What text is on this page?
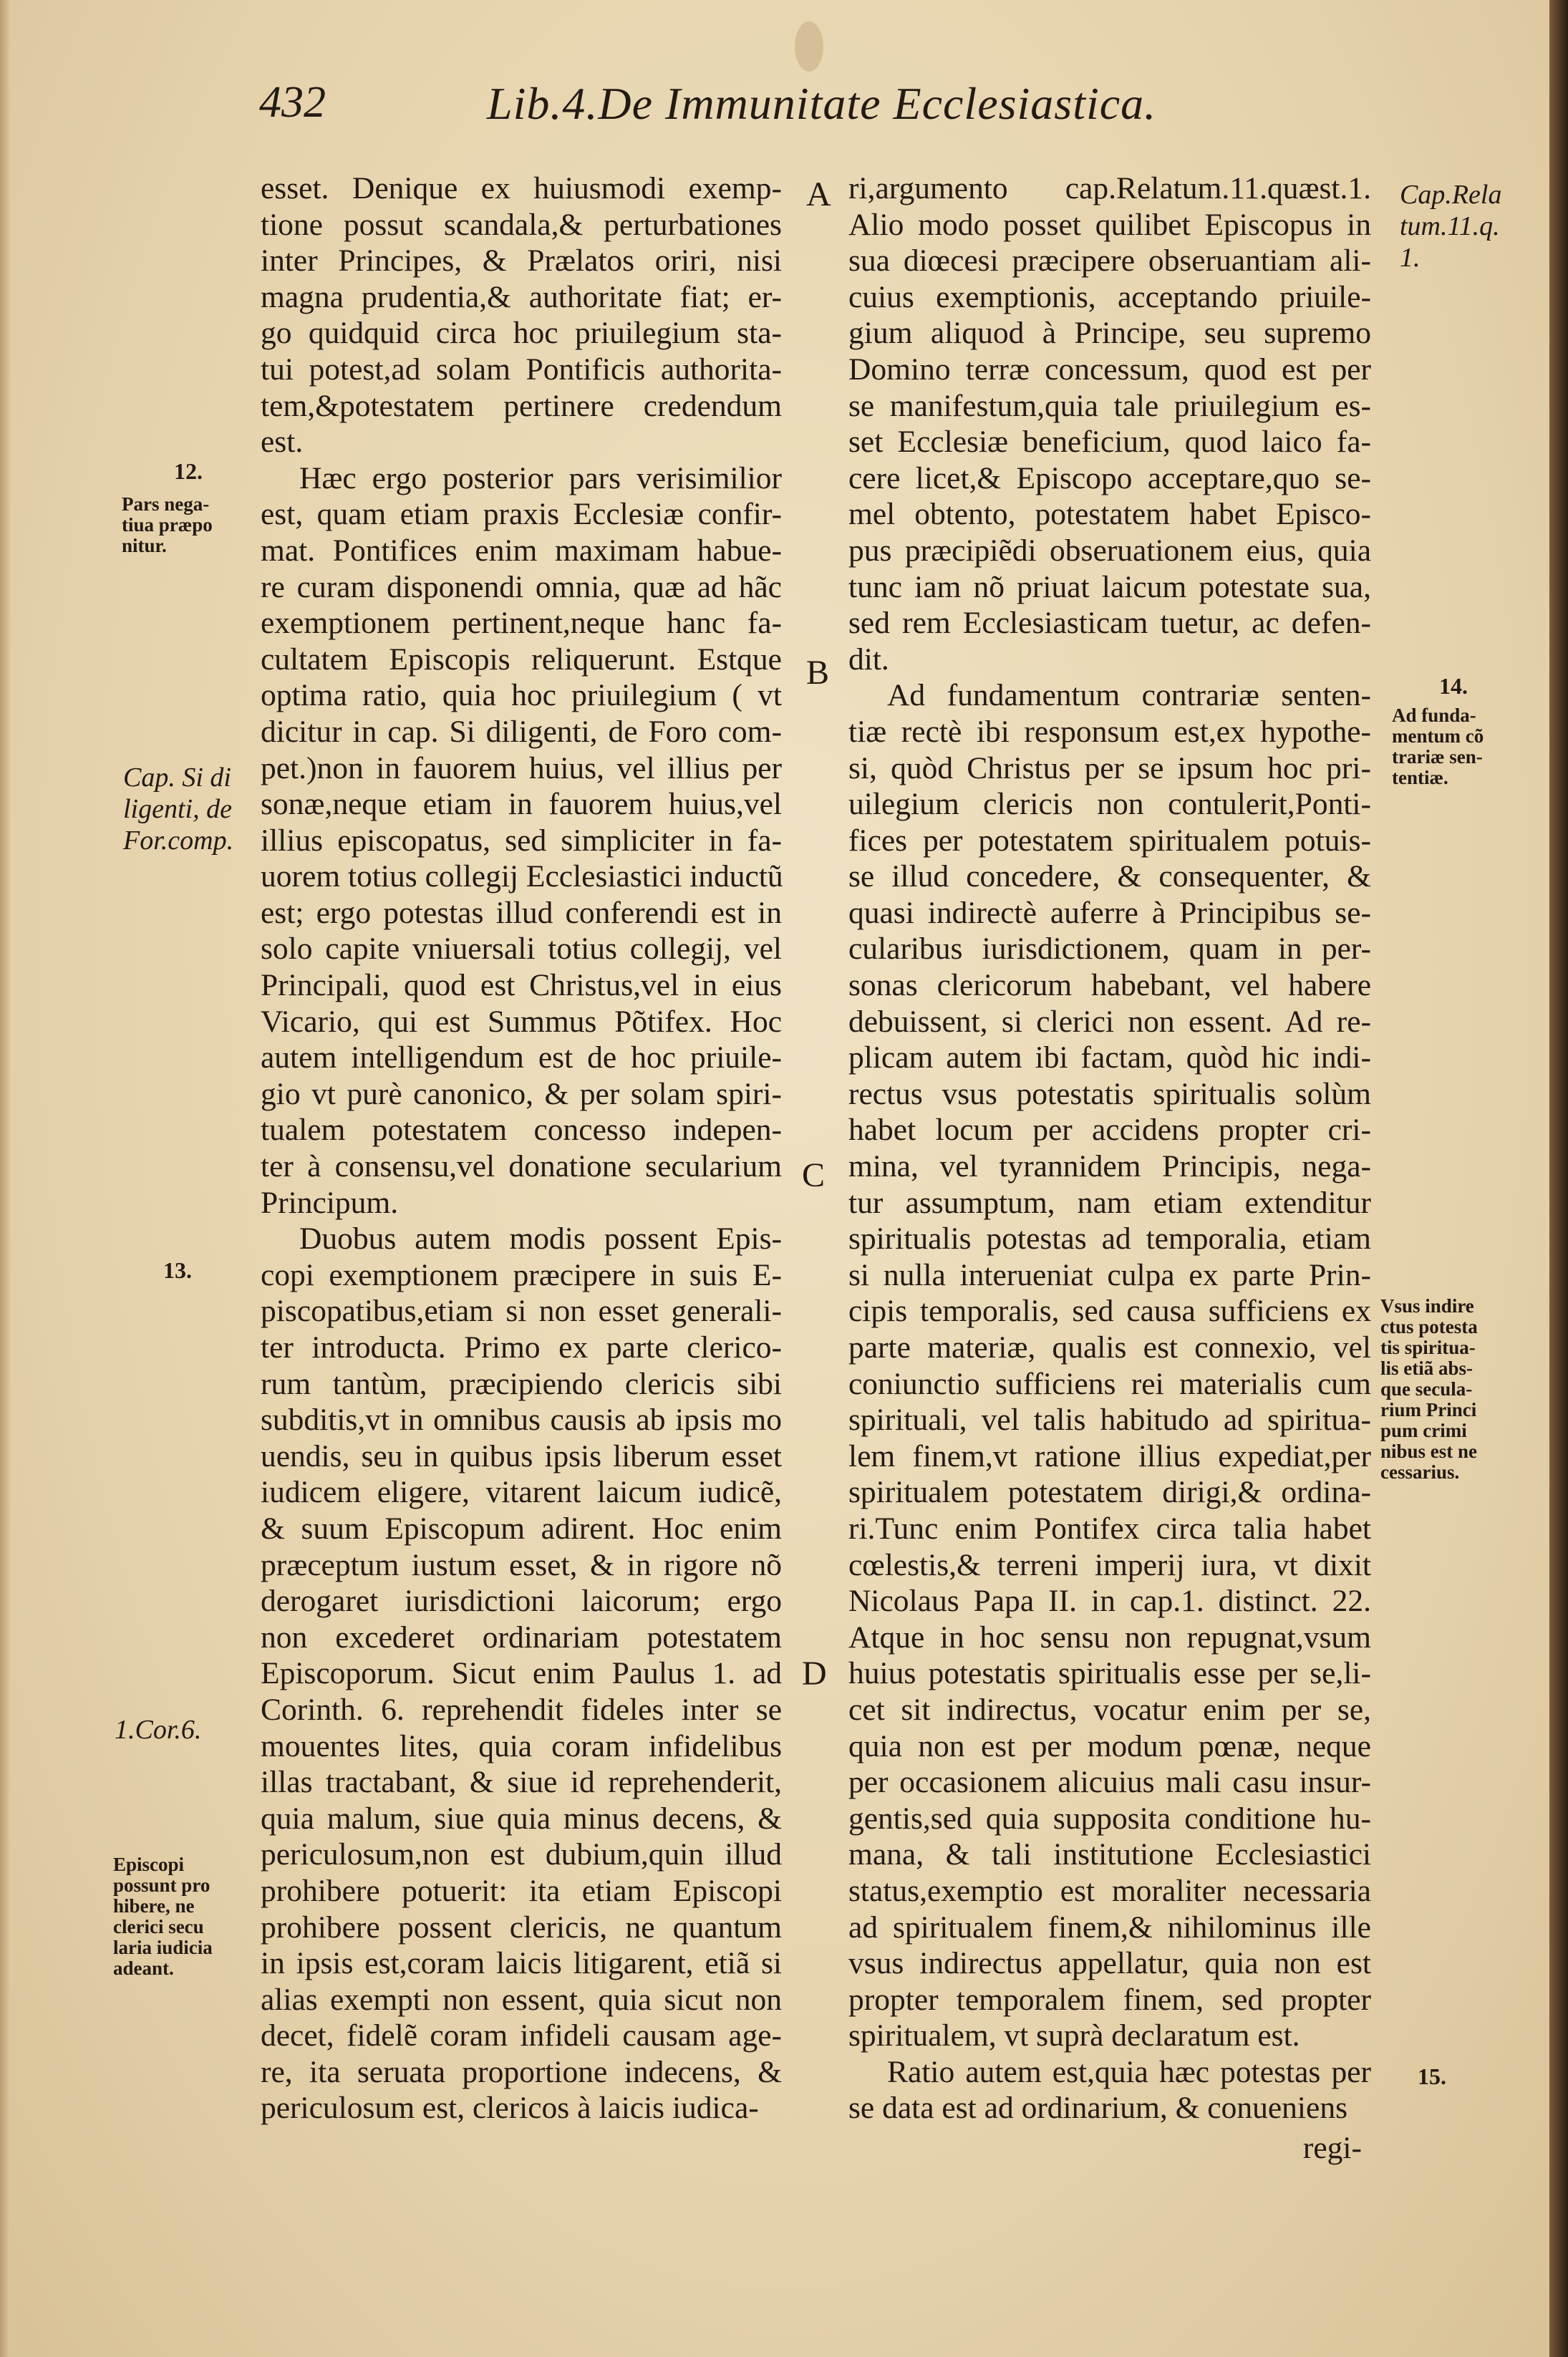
432	Lib.4.De Immunitate Ecclesiastica.
esset. Denique ex huiusmodi exemp-
tione possut scandala,& perturbationes
inter Principes, & Prælatos oriri, nisi
magna prudentia,& authoritate fiat; er-
go quidquid circa hoc priuilegium sta-
tui potest,ad solam Pontificis authorita-
tem,&potestatem pertinere credendum
est.
Hæc ergo posterior pars verisimilior
est, quam etiam praxis Ecclesiæ confir-
mat. Pontifices enim maximam habue-
re curam disponendi omnia, quæ ad hãc
exemptionem pertinent,neque hanc fa-
cultatem Episcopis reliquerunt. Estque
optima ratio, quia hoc priuilegium ( vt
dicitur in cap. Si diligenti, de Foro com-
pet.)non in fauorem huius, vel illius per
sonæ,neque etiam in fauorem huius,vel
illius episcopatus, sed simpliciter in fa-
uorem totius collegij Ecclesiastici inductũ
est; ergo potestas illud conferendi est in
solo capite vniuersali totius collegij, vel
Principali, quod est Christus,vel in eius
Vicario, qui est Summus Põtifex. Hoc
autem intelligendum est de hoc priuile-
gio vt purè canonico, & per solam spiri-
tualem potestatem concesso indepen-
ter à consensu,vel donatione secularium
Principum.
Duobus autem modis possent Epis-
copi exemptionem præcipere in suis E-
piscopatibus,etiam si non esset generali-
ter introducta. Primo ex parte clerico-
rum tantùm, præcipiendo clericis sibi
subditis,vt in omnibus causis ab ipsis mo
uendis, seu in quibus ipsis liberum esset
iudicem eligere, vitarent laicum iudicẽ,
& suum Episcopum adirent. Hoc enim
præceptum iustum esset, & in rigore nõ
derogaret iurisdictioni laicorum; ergo
non excederet ordinariam potestatem
Episcoporum. Sicut enim Paulus 1. ad
Corinth. 6. reprehendit fideles inter se
mouentes lites, quia coram infidelibus
illas tractabant, & siue id reprehenderit,
quia malum, siue quia minus decens, &
periculosum,non est dubium,quin illud
prohibere potuerit: ita etiam Episcopi
prohibere possent clericis, ne quantum
in ipsis est,coram laicis litigarent, etiã si
alias exempti non essent, quia sicut non
decet, fidelẽ coram infideli causam age-
re, ita seruata proportione indecens, &
periculosum est, clericos à laicis iudica-
ri,argumento cap.Relatum.11.quæst.1.
Alio modo posset quilibet Episcopus in
sua diœcesi præcipere obseruantiam ali-
cuius exemptionis, acceptando priuile-
gium aliquod à Principe, seu supremo
Domino terræ concessum, quod est per
se manifestum,quia tale priuilegium es-
set Ecclesiæ beneficium, quod laico fa-
cere licet,& Episcopo acceptare,quo se-
mel obtento, potestatem habet Episco-
pus præcipiẽdi obseruationem eius, quia
tunc iam nõ priuat laicum potestate sua,
sed rem Ecclesiasticam tuetur, ac defen-
dit.
Ad fundamentum contrariæ senten-
tiæ rectè ibi responsum est,ex hypothe-
si, quòd Christus per se ipsum hoc pri-
uilegium clericis non contulerit,Ponti-
fices per potestatem spiritualem potuis-
se illud concedere, & consequenter, &
quasi indirectè auferre à Principibus se-
cularibus iurisdictionem, quam in per-
sonas clericorum habebant, vel habere
debuissent, si clerici non essent. Ad re-
plicam autem ibi factam, quòd hic indi-
rectus vsus potestatis spiritualis solùm
habet locum per accidens propter cri-
mina, vel tyrannidem Principis, nega-
tur assumptum, nam etiam extenditur
spiritualis potestas ad temporalia, etiam
si nulla interueniat culpa ex parte Prin-
cipis temporalis, sed causa sufficiens ex
parte materiæ, qualis est connexio, vel
coniunctio sufficiens rei materialis cum
spirituali, vel talis habitudo ad spiritua-
lem finem,vt ratione illius expediat,per
spiritualem potestatem dirigi,& ordina-
ri.Tunc enim Pontifex circa talia habet
cœlestis,& terreni imperij iura, vt dixit
Nicolaus Papa II. in cap.1. distinct. 22.
Atque in hoc sensu non repugnat,vsum
huius potestatis spiritualis esse per se,li-
cet sit indirectus, vocatur enim per se,
quia non est per modum pœnæ, neque
per occasionem alicuius mali casu insur-
gentis,sed quia supposita conditione hu-
mana, & tali institutione Ecclesiastici
status,exemptio est moraliter necessaria
ad spiritualem finem,& nihilominus ille
vsus indirectus appellatur, quia non est
propter temporalem finem, sed propter
spiritualem, vt suprà declaratum est.
Ratio autem est,quia hæc potestas per
se data est ad ordinarium, & conueniens
A
B
C
D
12.
Pars nega-
tiua præpo
nitur.
Cap. Si di
ligenti, de
For.comp.
13.
1.Cor.6.
Episcopi
possunt pro
hibere, ne
clerici secu
laria iudicia
adeant.
Cap.Rela
tum.11.q.
1.
14.
Ad funda-
mentum cõ
trariæ sen-
tentiæ.
Vsus indire
ctus potesta
tis spiritua-
lis etiã abs-
que secula-
rium Princi
pum crimi
nibus est ne
cessarius.
15.
regi-
